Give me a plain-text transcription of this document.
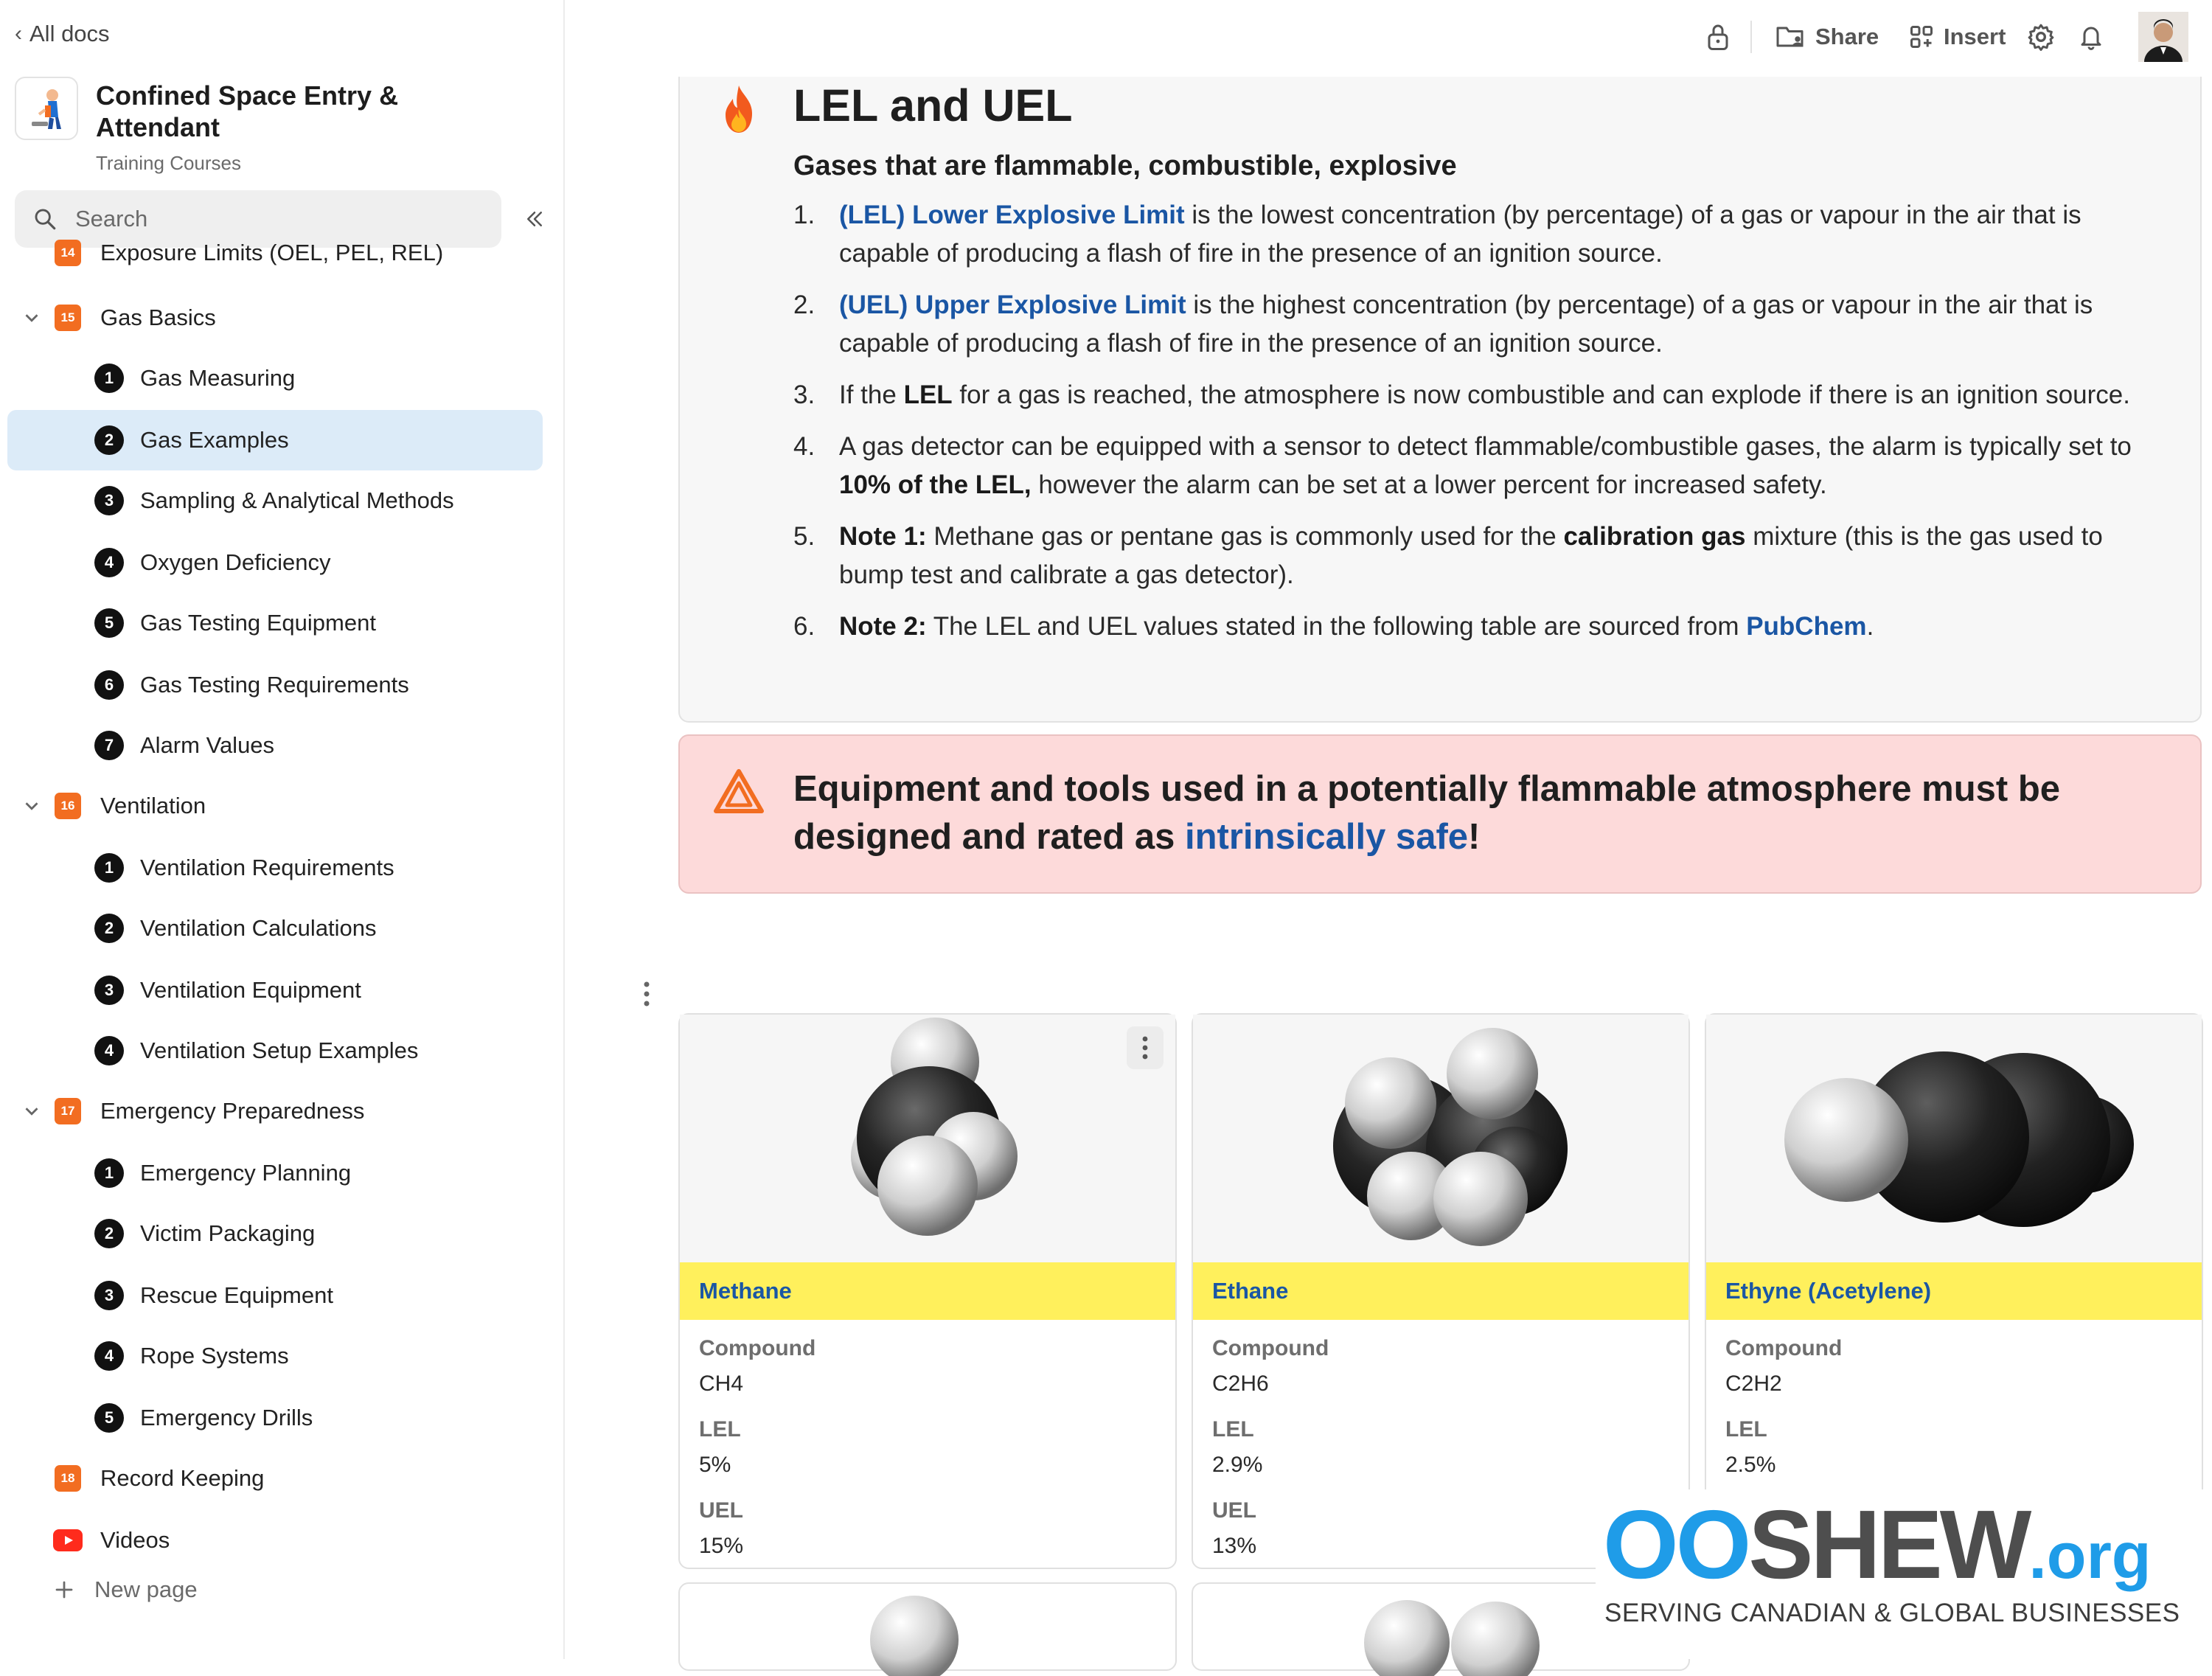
‹ All docs
Confined Space Entry & Attendant
Training Courses
Search
14 Exposure Limits (OEL, PEL, REL)
15 Gas Basics
1	Gas Measuring
2	Gas Examples
3	Sampling & Analytical Methods
4	Oxygen Deficiency
5	Gas Testing Equipment
6	Gas Testing Requirements
7	Alarm Values
16 Ventilation
1	Ventilation Requirements
2	Ventilation Calculations
3	Ventilation Equipment
4	Ventilation Setup Examples
17 Emergency Preparedness
1	Emergency Planning
2	Victim Packaging
3	Rescue Equipment
4	Rope Systems
5	Emergency Drills
18 Record Keeping
Videos
New page
Share	Insert
LEL and UEL
Gases that are flammable, combustible, explosive
1. (LEL) Lower Explosive Limit is the lowest concentration (by percentage) of a gas or vapour in the air that is capable of producing a flash of fire in the presence of an ignition source.
2. (UEL) Upper Explosive Limit is the highest concentration (by percentage) of a gas or vapour in the air that is capable of producing a flash of fire in the presence of an ignition source.
3. If the LEL for a gas is reached, the atmosphere is now combustible and can explode if there is an ignition source.
4. A gas detector can be equipped with a sensor to detect flammable/combustible gases, the alarm is typically set to 10% of the LEL, however the alarm can be set at a lower percent for increased safety.
5. Note 1: Methane gas or pentane gas is commonly used for the calibration gas mixture (this is the gas used to bump test and calibrate a gas detector).
6. Note 2: The LEL and UEL values stated in the following table are sourced from PubChem.
Equipment and tools used in a potentially flammable atmosphere must be designed and rated as intrinsically safe!
Methane
Compound
CH4
LEL
5%
UEL
15%
Ethane
Compound
C2H6
LEL
2.9%
UEL
13%
Ethyne (Acetylene)
Compound
C2H2
LEL
2.5%
OOSHEW.org
SERVING CANADIAN & GLOBAL BUSINESSES
